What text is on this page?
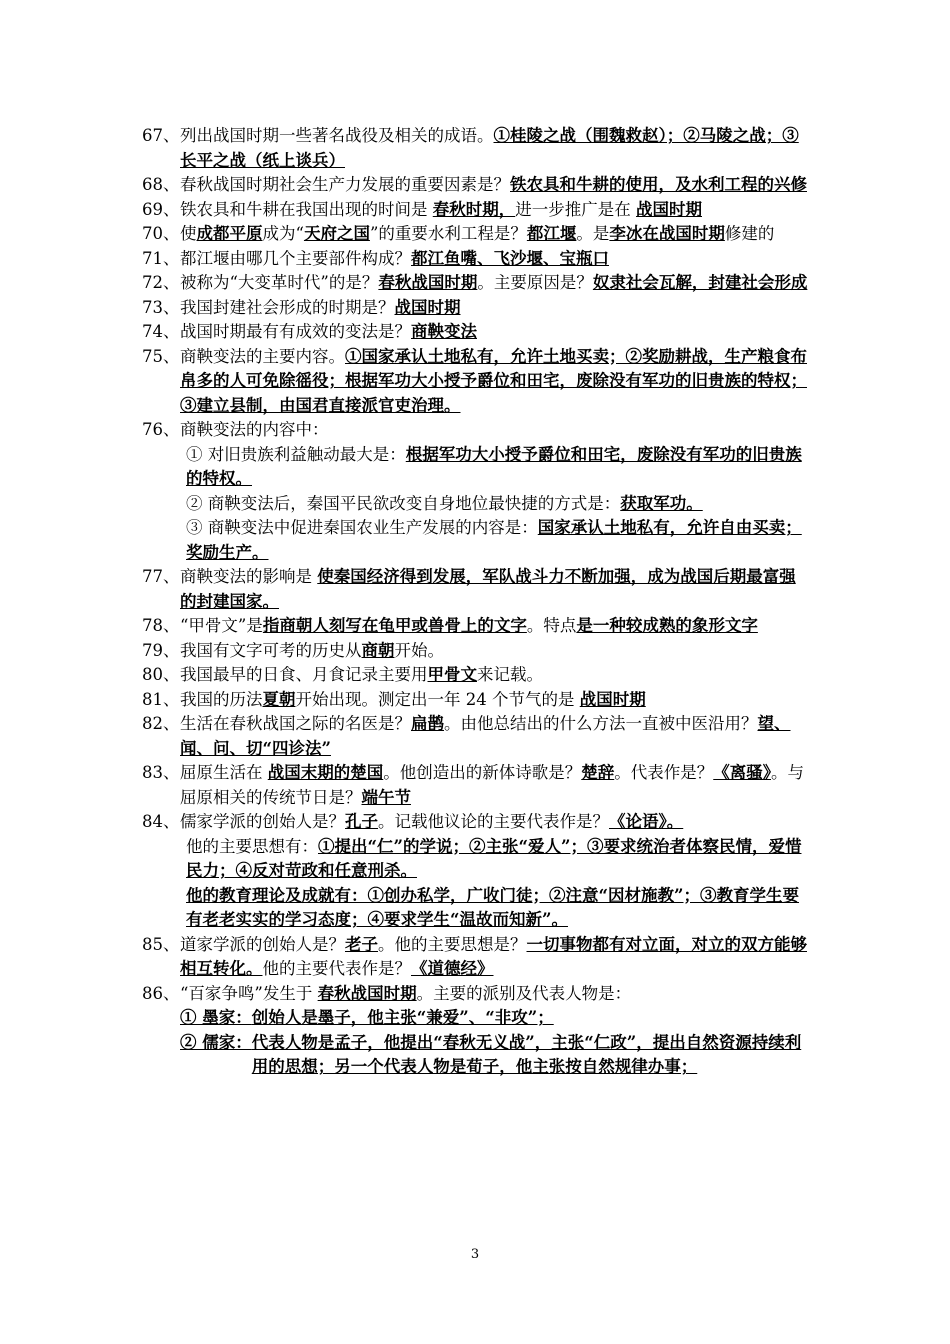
67、 列出战国时期一些著名战役及相关的成语。①桂陵之战（围魏救赵）；②马陵之战；③长平之战（纸上谈兵）
68、 春秋战国时期社会生产力发展的重要因素是？铁农具和牛耕的使用，及水利工程的兴修
69、 铁农具和牛耕在我国出现的时间是 春秋时期，进一步推广是在 战国时期
70、 使成都平原成为“天府之国”的重要水利工程是？都江堰。是李冰在战国时期修建的
71、 都江堰由哪几个主要部件构成？都江鱼嘴、飞沙堰、宝瓶口
72、 被称为“大变革时代”的是？春秋战国时期。主要原因是？奴隶社会瓦解，封建社会形成
73、 我国封建社会形成的时期是？战国时期
74、 战国时期最有有成效的变法是？商鞅变法
75、 商鞅变法的主要内容。①国家承认土地私有，允许土地买卖；②奖励耕战，生产粮食布帛多的人可免除徭役；根据军功大小授予爵位和田宅，废除没有军功的旧贵族的特权；③建立县制，由国君直接派官吏治理。
76、 商鞅变法的内容中：
① 对旧贵族利益触动最大是：根据军功大小授予爵位和田宅，废除没有军功的旧贵族的特权。
② 商鞅变法后，秦国平民欲改变自身地位最快捷的方式是：获取军功。
③ 商鞅变法中促进秦国农业生产发展的内容是：国家承认土地私有，允许自由买卖；奖励生产。
77、 商鞅变法的影响是 使秦国经济得到发展，军队战斗力不断加强，成为战国后期最富强的封建国家。
78、 “甲骨文”是指商朝人刻写在龟甲或兽骨上的文字。特点是一种较成熟的象形文字
79、 我国有文字可考的历史从商朝开始。
80、 我国最早的日食、月食记录主要用甲骨文来记载。
81、 我国的历法夏朝开始出现。测定出一年 24 个节气的是 战国时期
82、 生活在春秋战国之际的名医是？扁鹊。由他总结出的什么方法一直被中医沿用？望、闻、问、切“四诊法”
83、 屈原生活在 战国末期的楚国。他创造出的新体诗歌是？楚辞。代表作是？《离骚》。与屈原相关的传统节日是？端午节
84、 儒家学派的创始人是？孔子。记载他议论的主要代表作是？《论语》。
他的主要思想有：①提出“仁”的学说；②主张“爱人”；③要求统治者体察民情，爱惜民力；④反对苛政和任意刑杀。
他的教育理论及成就有：①创办私学，广收门徒；②注意“因材施教”；③教育学生要有老老实实的学习态度；④要求学生“温故而知新”。
85、 道家学派的创始人是？老子。他的主要思想是？一切事物都有对立面，对立的双方能够相互转化。他的主要代表作是？《道德经》
86、 “百家争鸣”发生于 春秋战国时期。主要的派别及代表人物是：
① 墨家： 创始人是墨子，他主张“兼爱”、“非攻”；
② 儒家： 代表人物是孟子，他提出“春秋无义战”，主张“仁政”，提出自然资源持续利用的思想；另一个代表人物是荀子，他主张按自然规律办事；
3
